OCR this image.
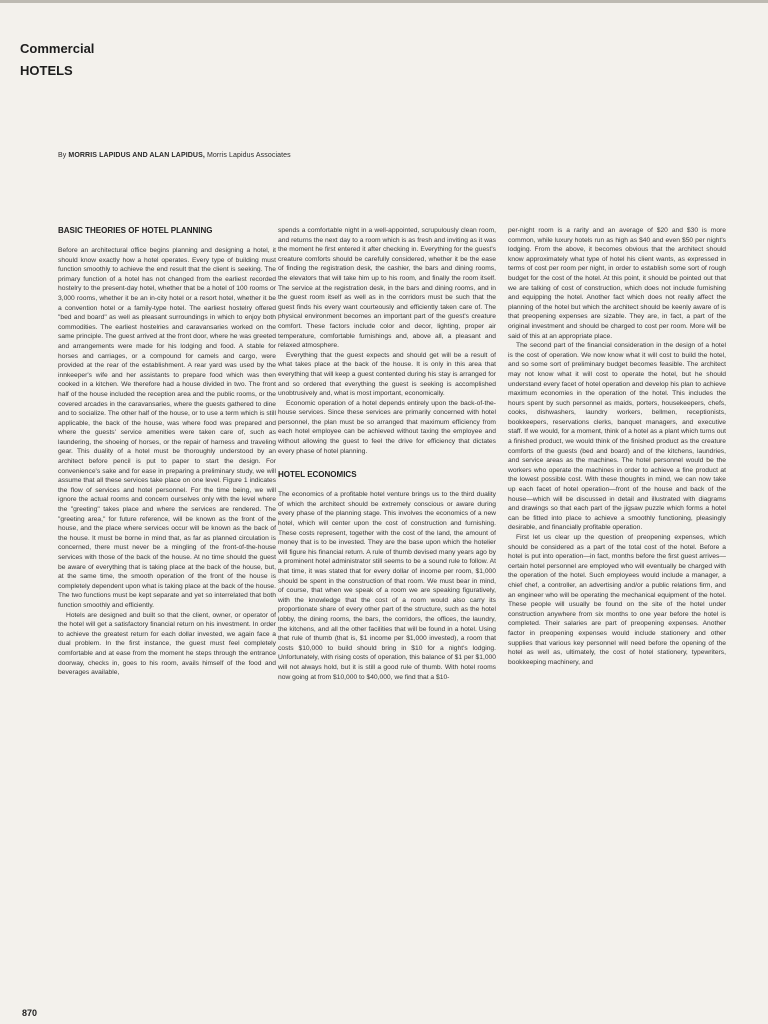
Commercial
HOTELS
By MORRIS LAPIDUS AND ALAN LAPIDUS, Morris Lapidus Associates
BASIC THEORIES OF HOTEL PLANNING

Before an architectural office begins planning and designing a hotel, it should know exactly how a hotel operates. Every type of building must function smoothly to achieve the end result that the client is seeking. The primary function of a hotel has not changed from the earliest recorded hostelry to the present-day hotel, whether that be a hotel of 100 rooms or 3,000 rooms, whether it be an in-city hotel or a resort hotel, whether it be a convention hotel or a family-type hotel. The earliest hostelry offered "bed and board" as well as pleasant surroundings in which to enjoy both commodities. The earliest hostelries and caravansaries worked on the same principle. The guest arrived at the front door, where he was greeted and arrangements were made for his lodging and food. A stable for horses and carriages, or a compound for camels and cargo, were provided at the rear of the establishment. A rear yard was used by the innkeeper's wife and her assistants to prepare food which was then cooked in a kitchen. We therefore had a house divided in two. The front half of the house included the reception area and the public rooms, or the covered arcades in the caravansaries, where the guests gathered to dine and to socialize. The other half of the house, or to use a term which is still applicable, the back of the house, was where food was prepared and where the guests' service amenities were taken care of, such as laundering, the shoeing of horses, or the repair of harness and traveling gear. This duality of a hotel must be thoroughly understood by an architect before pencil is put to paper to start the design. For convenience's sake and for ease in preparing a preliminary study, we will assume that all these services take place on one level. Figure 1 indicates the flow of services and hotel personnel. For the time being, we will ignore the actual rooms and concern ourselves only with the level where the "greeting" takes place and where the services are rendered. The "greeting area," for future reference, will be known as the front of the house, and the place where services occur will be known as the back of the house. It must be borne in mind that, as far as planned circulation is concerned, there must never be a mingling of the front-of-the-house services with those of the back of the house. At no time should the guest be aware of everything that is taking place at the back of the house, but, at the same time, the smooth operation of the front of the house is completely dependent upon what is taking place at the back of the house. The two functions must be kept separate and yet so interrelated that both function smoothly and efficiently.

Hotels are designed and built so that the client, owner, or operator of the hotel will get a satisfactory financial return on his investment. In order to achieve the greatest return for each dollar invested, we again face a dual problem. In the first instance, the guest must feel completely comfortable and at ease from the moment he steps through the entrance doorway, checks in, goes to his room, avails himself of the food and beverages available,

spends a comfortable night in a well-appointed, scrupulously clean room, and returns the next day to a room which is as fresh and inviting as it was the moment he first entered it after checking in. Everything for the guest's creature comforts should be carefully considered, whether it be the ease of finding the registration desk, the cashier, the bars and dining rooms, the elevators that will take him up to his room, and finally the room itself. The service at the registration desk, in the bars and dining rooms, and in the guest room itself as well as in the corridors must be such that the guest finds his every want courteously and efficiently taken care of. The physical environment becomes an important part of the guest's creature comfort. These factors include color and decor, lighting, proper air temperature, comfortable furnishings and, above all, a pleasant and relaxed atmosphere.

Everything that the guest expects and should get will be a result of what takes place at the back of the house. It is only in this area that everything that will keep a guest contented during his stay is arranged for and so ordered that everything the guest is seeking is accomplished unobtrusively and, what is most important, economically.

Economic operation of a hotel depends entirely upon the back-of-the-house services. Since these services are primarily concerned with hotel personnel, the plan must be so arranged that maximum efficiency from each hotel employee can be achieved without taxing the employee and without allowing the guest to feel the drive for efficiency that dictates every phase of hotel planning.

HOTEL ECONOMICS

The economics of a profitable hotel venture brings us to the third duality of which the architect should be extremely conscious or aware during every phase of the planning stage. This involves the economics of a new hotel, which will center upon the cost of construction and furnishing. These costs represent, together with the cost of the land, the amount of money that is to be invested. They are the base upon which the hotelier will figure his financial return. A rule of thumb devised many years ago by a prominent hotel administrator still seems to be a sound rule to follow. At that time, it was stated that for every dollar of income per room, $1,000 should be spent in the construction of that room. We must bear in mind, of course, that when we speak of a room we are speaking figuratively, with the knowledge that the cost of a room would also carry its proportionate share of every other part of the structure, such as the hotel lobby, the dining rooms, the bars, the corridors, the offices, the laundry, the kitchens, and all the other facilities that will be found in a hotel. Using that rule of thumb (that is, $1 income per $1,000 invested), a room that costs $10,000 to build should bring in $10 for a night's lodging. Unfortunately, with rising costs of operation, this balance of $1 per $1,000 will not always hold, but it is still a good rule of thumb. With hotel rooms now going at from $10,000 to $40,000, we find that a $10-

per-night room is a rarity and an average of $20 and $30 is more common, while luxury hotels run as high as $40 and even $50 per night's lodging. From the above, it becomes obvious that the architect should know approximately what type of hotel his client wants, as expressed in terms of cost per room per night, in order to establish some sort of rough budget for the cost of the hotel. At this point, it should be pointed out that we are talking of cost of construction, which does not include furnishing and equipping the hotel. Another fact which does not really affect the planning of the hotel but which the architect should be keenly aware of is that preopening expenses are sizable. They are, in fact, a part of the original investment and should be charged to cost per room. More will be said of this at an appropriate place.

The second part of the financial consideration in the design of a hotel is the cost of operation. We now know what it will cost to build the hotel, and so some sort of preliminary budget becomes feasible. The architect may not know what it will cost to operate the hotel, but he should understand every facet of hotel operation and develop his plan to achieve maximum economies in the operation of the hotel. This includes the hours spent by such personnel as maids, porters, housekeepers, chefs, cooks, dishwashers, laundry workers, bellmen, receptionists, bookkeepers, reservations clerks, banquet managers, and executive staff. If we would, for a moment, think of a hotel as a plant which turns out a finished product, we would think of the finished product as the creature comforts of the guests (bed and board) and of the kitchens, laundries, and service areas as the machines. The hotel personnel would be the workers who operate the machines in order to achieve a fine product at the lowest possible cost. With these thoughts in mind, we can now take up each facet of hotel operation—front of the house and back of the house—which will be discussed in detail and illustrated with diagrams and drawings so that each part of the jigsaw puzzle which forms a hotel can be fitted into place to achieve a smoothly functioning, pleasingly desirable, and financially profitable operation.

First let us clear up the question of preopening expenses, which should be considered as a part of the total cost of the hotel. Before a hotel is put into operation—in fact, months before the first guest arrives—certain hotel personnel are employed who will eventually be charged with the operation of the hotel. Such employees would include a manager, a chief chef, a controller, an advertising and/or a public relations firm, and an engineer who will be operating the mechanical equipment of the hotel. These people will usually be found on the site of the hotel under construction anywhere from six months to one year before the hotel is completed. Their salaries are part of preopening expenses. Another factor in preopening expenses would include stationery and other supplies that various key personnel will need before the opening of the hotel as well as, ultimately, the cost of hotel stationery, typewriters, bookkeeping machinery, and

870
